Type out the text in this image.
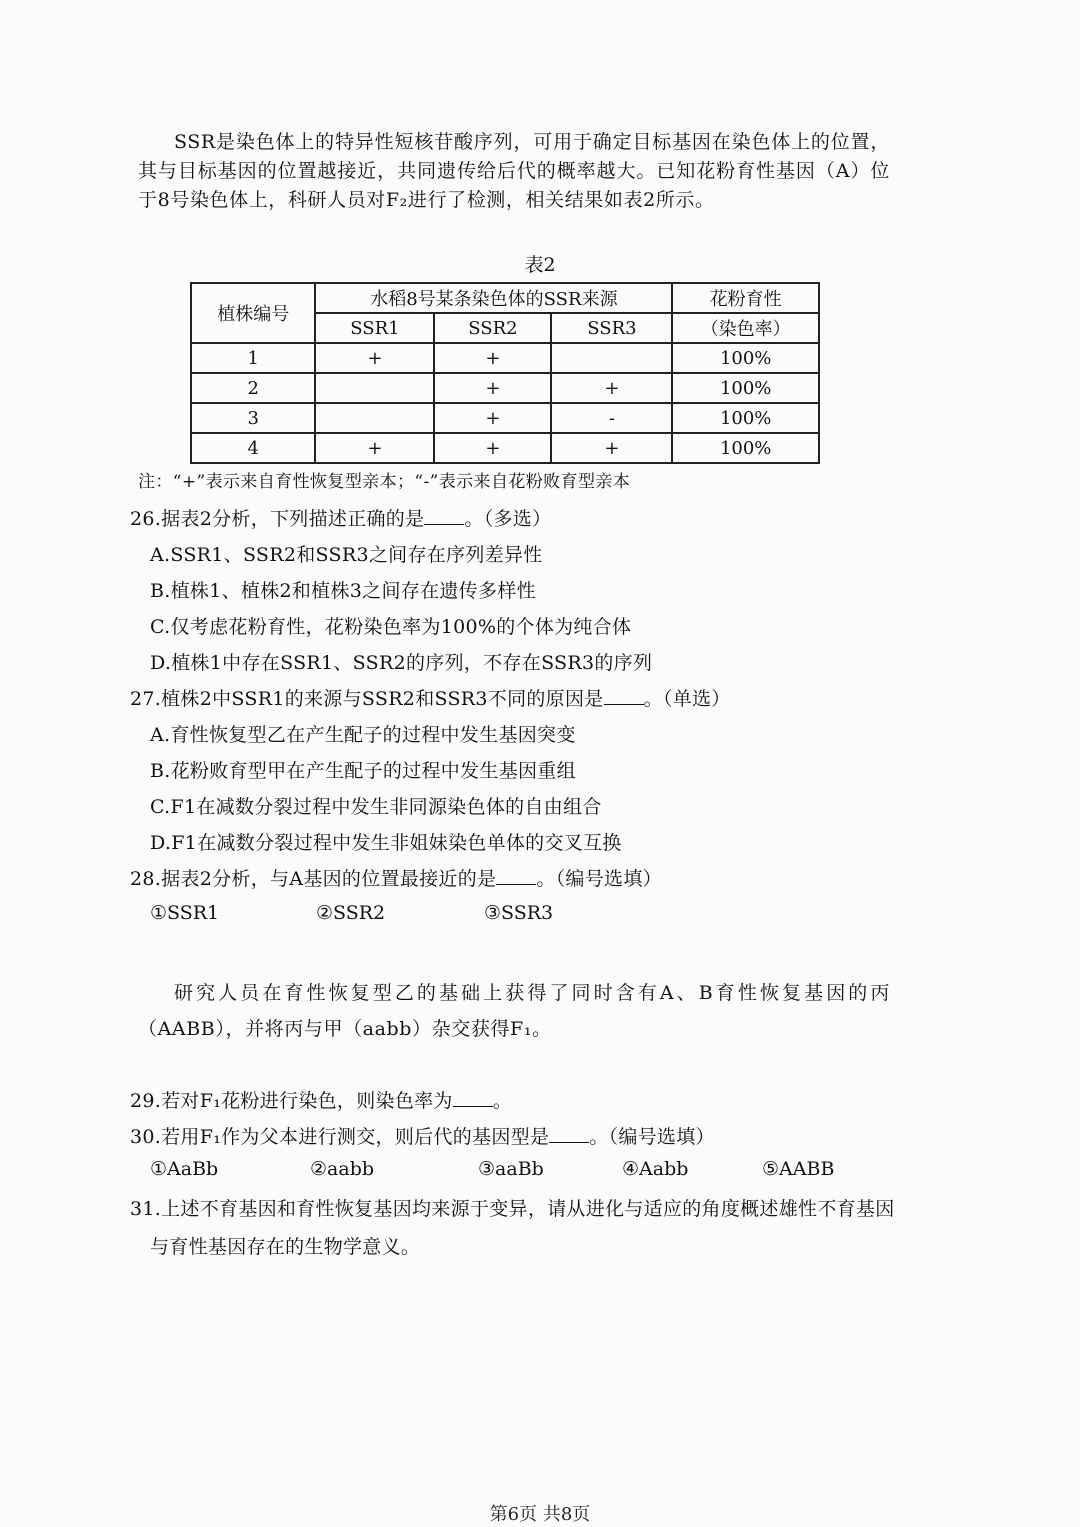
SSR是染色体上的特异性短核苷酸序列，可用于确定目标基因在染色体上的位置，其与目标基因的位置越接近，共同遗传给后代的概率越大。已知花粉育性基因（A）位于8号染色体上，科研人员对F₂进行了检测，相关结果如表2所示。

表2
植株编号	水稻8号某条染色体的SSR来源			花粉育性
	SSR1	SSR2	SSR3	（染色率）
1	+	+		100%
2		+	+	100%
3		+	-	100%
4	+	+	+	100%
注：“+”表示来自育性恢复型亲本；“-”表示来自花粉败育型亲本
26.据表2分析，下列描述正确的是 。（多选）
A.SSR1、SSR2和SSR3之间存在序列差异性
B.植株1、植株2和植株3之间存在遗传多样性
C.仅考虑花粉育性，花粉染色率为100%的个体为纯合体
D.植株1中存在SSR1、SSR2的序列，不存在SSR3的序列
27.植株2中SSR1的来源与SSR2和SSR3不同的原因是 。（单选）
A.育性恢复型乙在产生配子的过程中发生基因突变
B.花粉败育型甲在产生配子的过程中发生基因重组
C.F1在减数分裂过程中发生非同源染色体的自由组合
D.F1在减数分裂过程中发生非姐妹染色单体的交叉互换
28.据表2分析，与A基因的位置最接近的是 。（编号选填）
①SSR1	②SSR2	③SSR3

研究人员在育性恢复型乙的基础上获得了同时含有A、B育性恢复基因的丙（AABB），并将丙与甲（aabb）杂交获得F₁。

29.若对F₁花粉进行染色，则染色率为 。
30.若用F₁作为父本进行测交，则后代的基因型是 。（编号选填）
①AaBb	②aabb	③aaBb	④Aabb	⑤AABB
31.上述不育基因和育性恢复基因均来源于变异，请从进化与适应的角度概述雄性不育基因
与育性基因存在的生物学意义。
第6页 共8页
